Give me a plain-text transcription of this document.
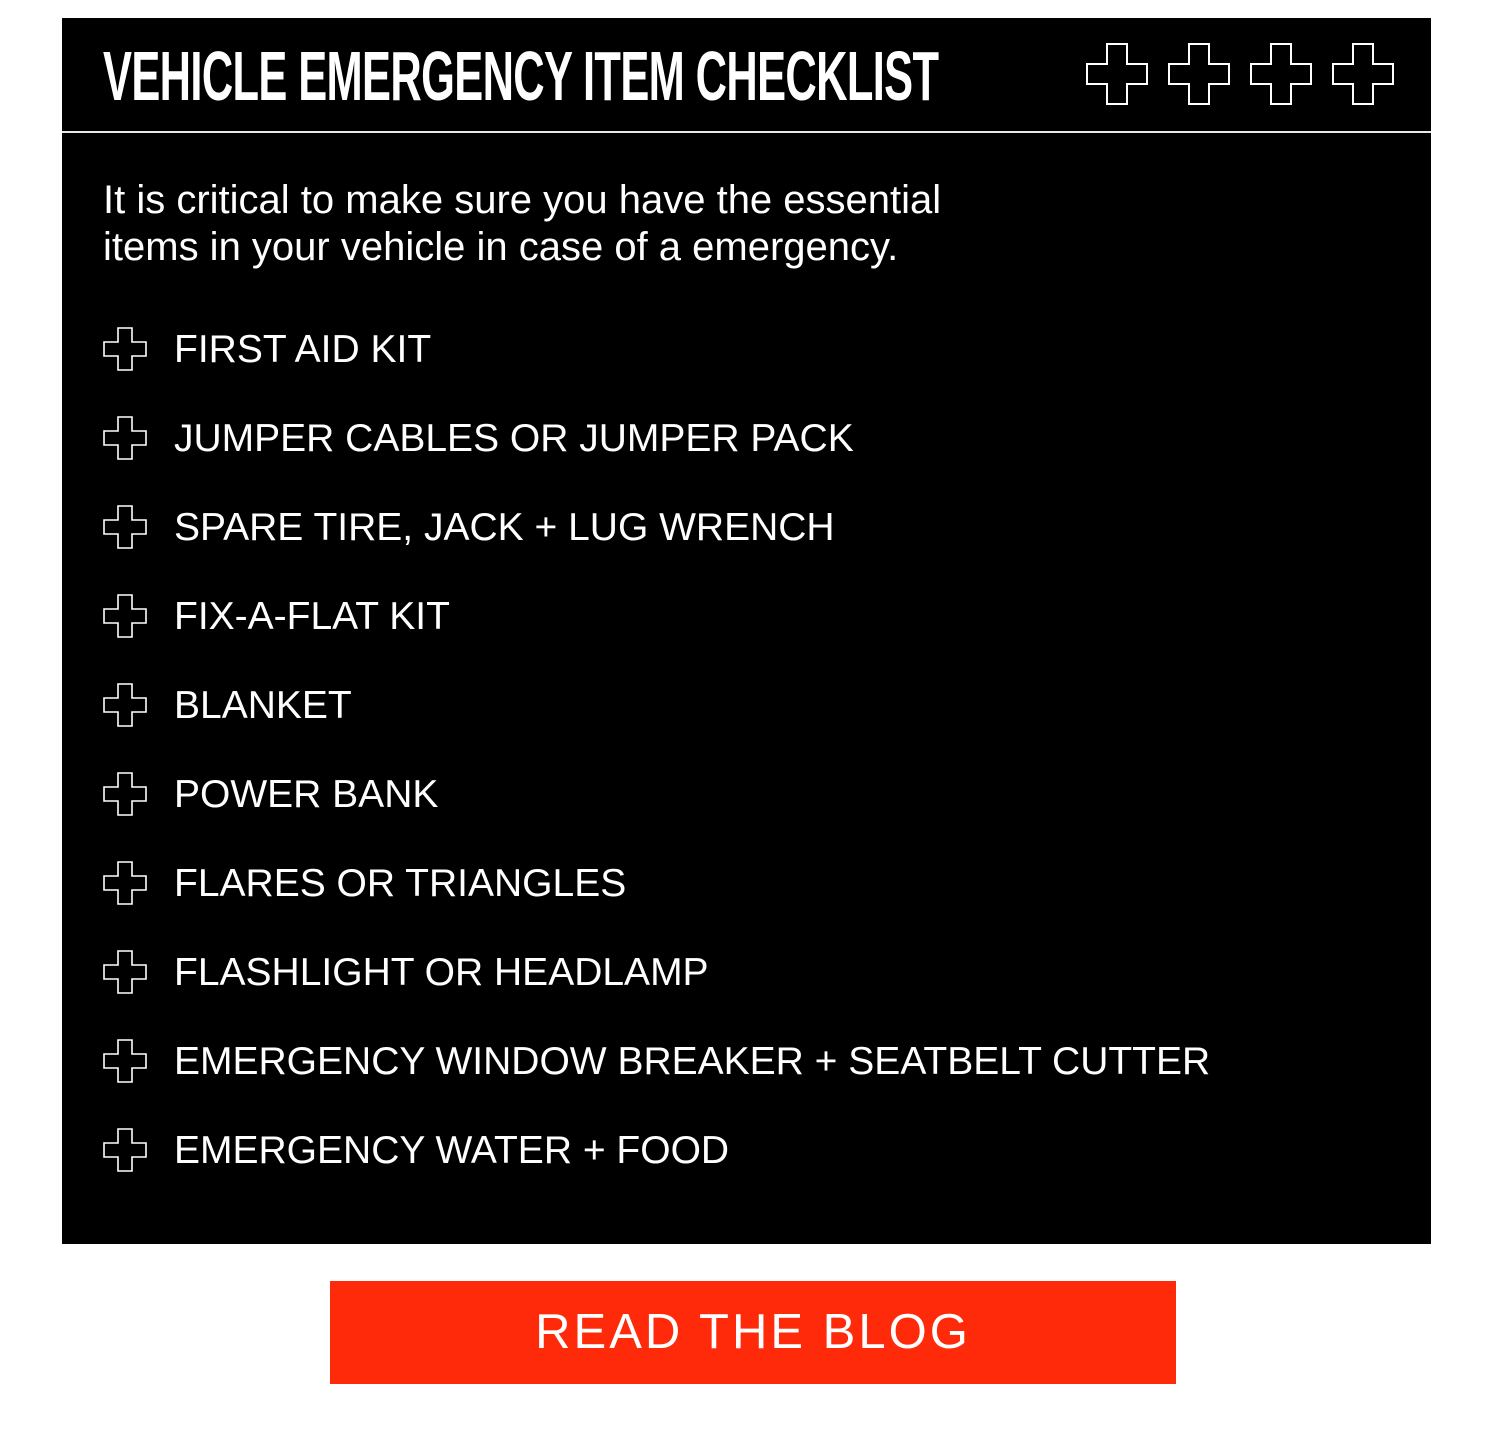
VEHICLE EMERGENCY ITEM CHECKLIST

It is critical to make sure you have the essential items in your vehicle in case of a emergency.

FIRST AID KIT
JUMPER CABLES OR JUMPER PACK
SPARE TIRE, JACK + LUG WRENCH
FIX-A-FLAT KIT
BLANKET
POWER BANK
FLARES OR TRIANGLES
FLASHLIGHT OR HEADLAMP
EMERGENCY WINDOW BREAKER + SEATBELT CUTTER
EMERGENCY WATER + FOOD
READ THE BLOG
